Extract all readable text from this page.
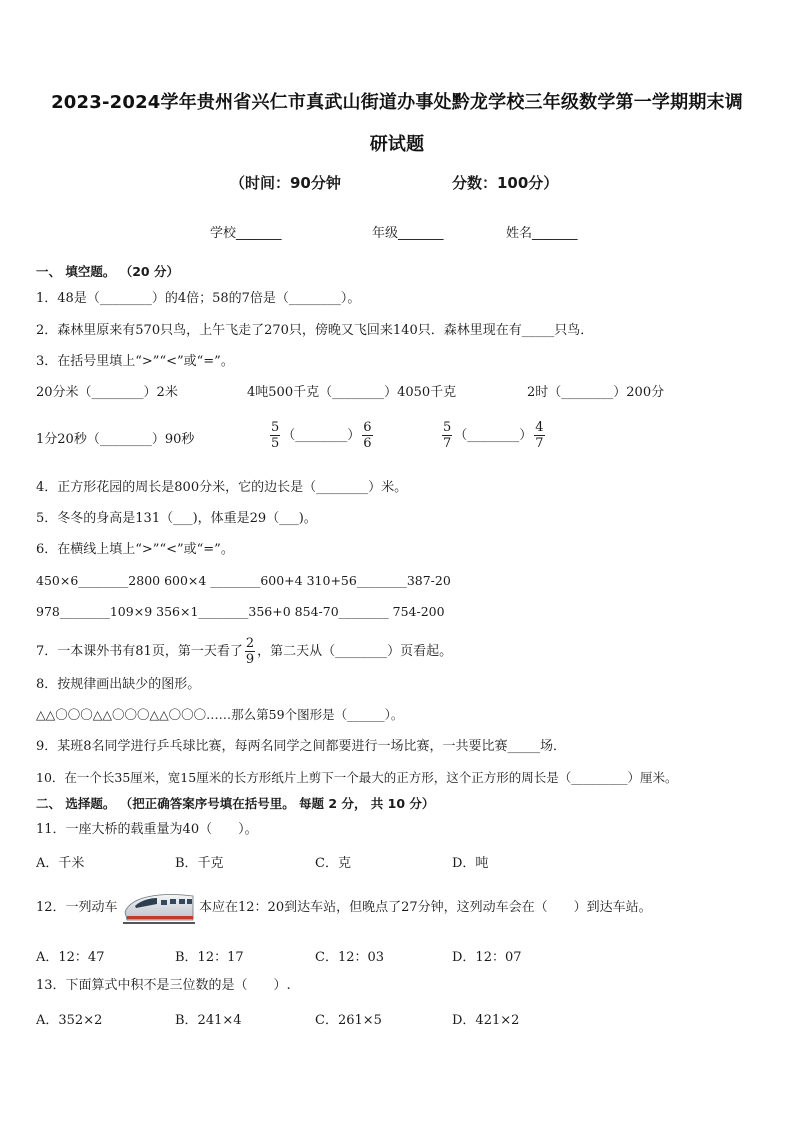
2023-2024学年贵州省兴仁市真武山街道办事处黔龙学校三年级数学第一学期期末调
研试题
（时间：90分钟	分数：100分）
学校_______	年级_______	姓名_______
一、 填空题。 （20 分）
1．48是（________）的4倍；58的7倍是（________）。
2．森林里原来有570只鸟，上午飞走了270只，傍晚又飞回来140只．森林里现在有_____只鸟．
3．在括号里填上“>”“<”或“=”。
20分米（________）2米	4吨500千克（________）4050千克	2时（________）200分
1分20秒（________）90秒	$\frac{5}{5}$ （________） $\frac{6}{6}$	$\frac{5}{7}$ （________） $\frac{4}{7}$
4．正方形花园的周长是800分米，它的边长是（________）米。
5．冬冬的身高是131（___)，体重是29（___)。
6．在横线上填上“>”“<”或“=”。
450×6________2800 600×4 ________600+4 310+56________387-20
978________109×9 356×1________356+0 854-70________ 754-200
7．一本课外书有81页，第一天看了 $\frac{2}{9}$ ，第二天从（________）页看起。
8．按规律画出缺少的图形。
△△〇〇〇△△〇〇〇△△〇〇〇……那么第59个图形是（______）。
9．某班8名同学进行乒乓球比赛，每两名同学之间都要进行一场比赛，一共要比赛_____场．
10．在一个长35厘米，宽15厘米的长方形纸片上剪下一个最大的正方形，这个正方形的周长是（_________）厘米。
二、 选择题。 （把正确答案序号填在括号里。 每题 2 分， 共 10 分）
11．一座大桥的载重量为40（　　）。
A．千米	B．千克	C．克	D．吨
12．一列动车	本应在12：20到达车站，但晚点了27分钟，这列动车会在（　　）到达车站。
A．12：47	B．12：17	C．12：03	D．12：07
13．下面算式中积不是三位数的是（　　）.
A．352×2	B．241×4	C．261×5	D．421×2
